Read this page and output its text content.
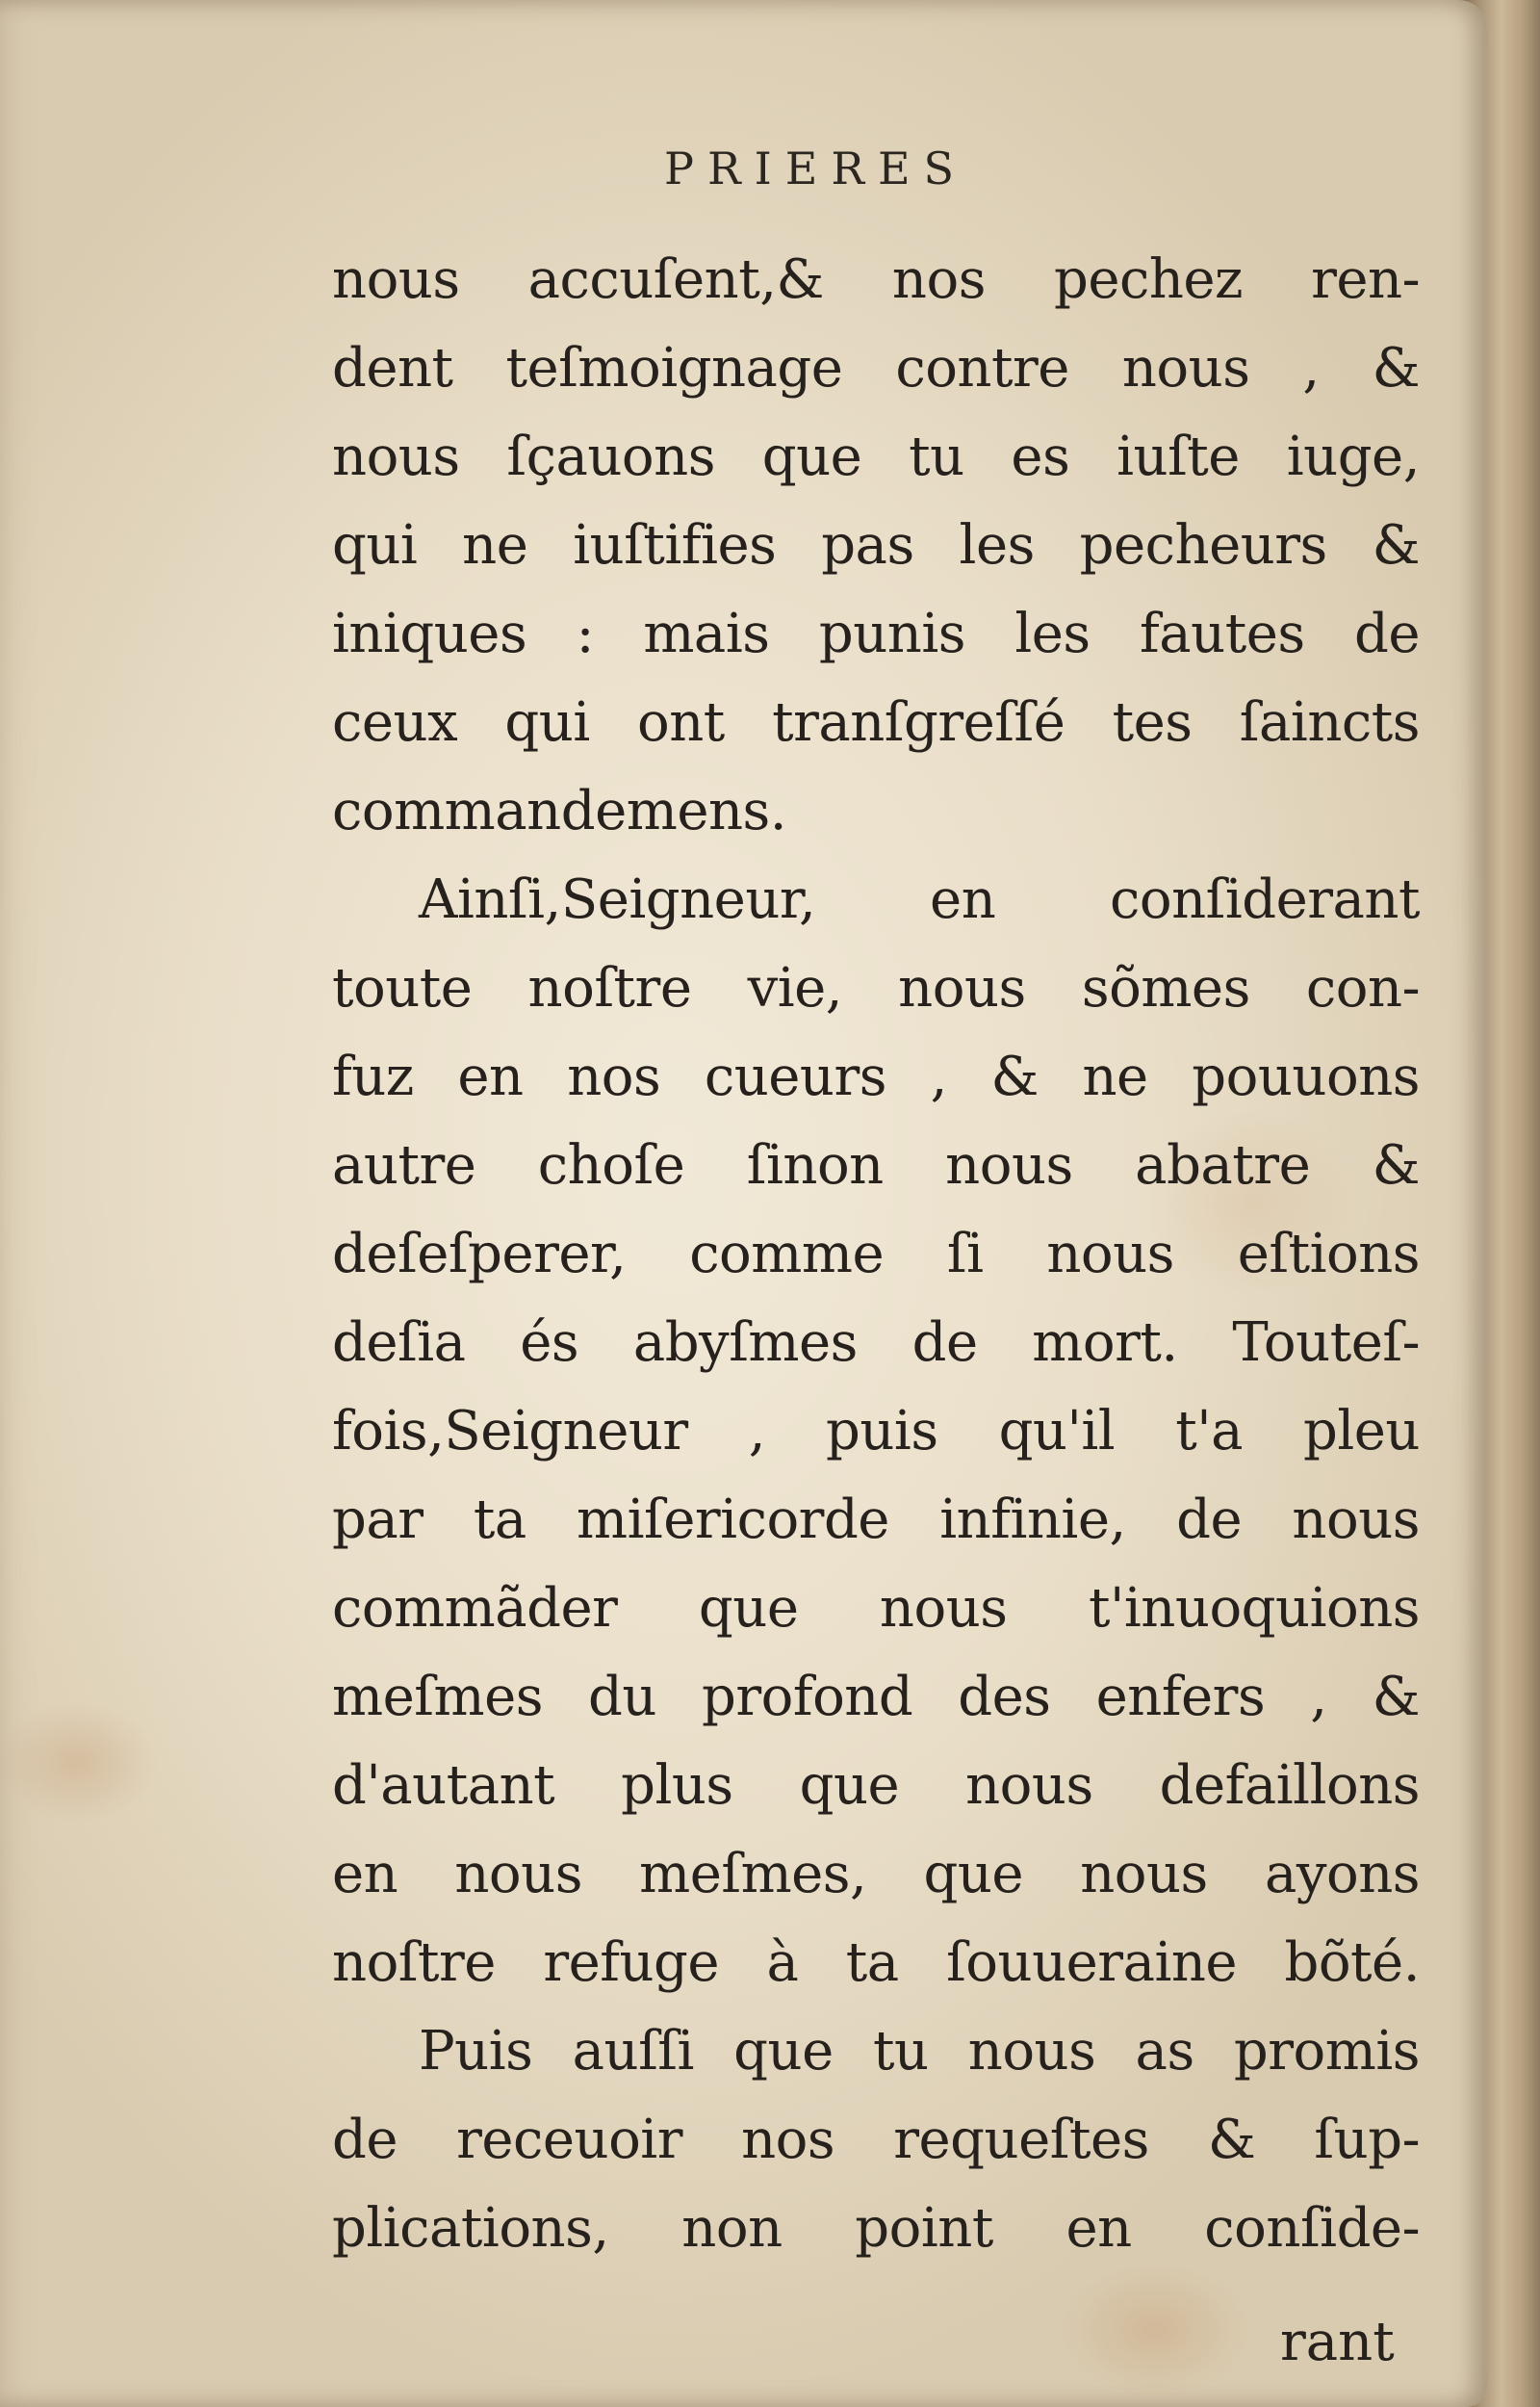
PRIERES
nous accuſent,& nos pechez ren-
dent teſmoignage contre nous , &
nous ſçauons que tu es iuſte iuge,
qui ne iuſtifies pas les pecheurs &
iniques : mais punis les fautes de
ceux qui ont tranſgreſſé tes ſaincts
commandemens.
Ainſi,Seigneur, en conſiderant
toute noſtre vie, nous sõmes con-
fuz en nos cueurs , & ne pouuons
autre choſe ſinon nous abatre &
deſeſperer, comme ſi nous eſtions
deſia és abyſmes de mort. Touteſ-
fois,Seigneur , puis qu'il t'a pleu
par ta miſericorde infinie, de nous
commãder que nous t'inuoquions
meſmes du profond des enfers , &
d'autant plus que nous defaillons
en nous meſmes, que nous ayons
noſtre refuge à ta ſouueraine bõté.
Puis auſſi que tu nous as promis
de receuoir nos requeſtes & ſup-
plications, non point en conſide-
rant
